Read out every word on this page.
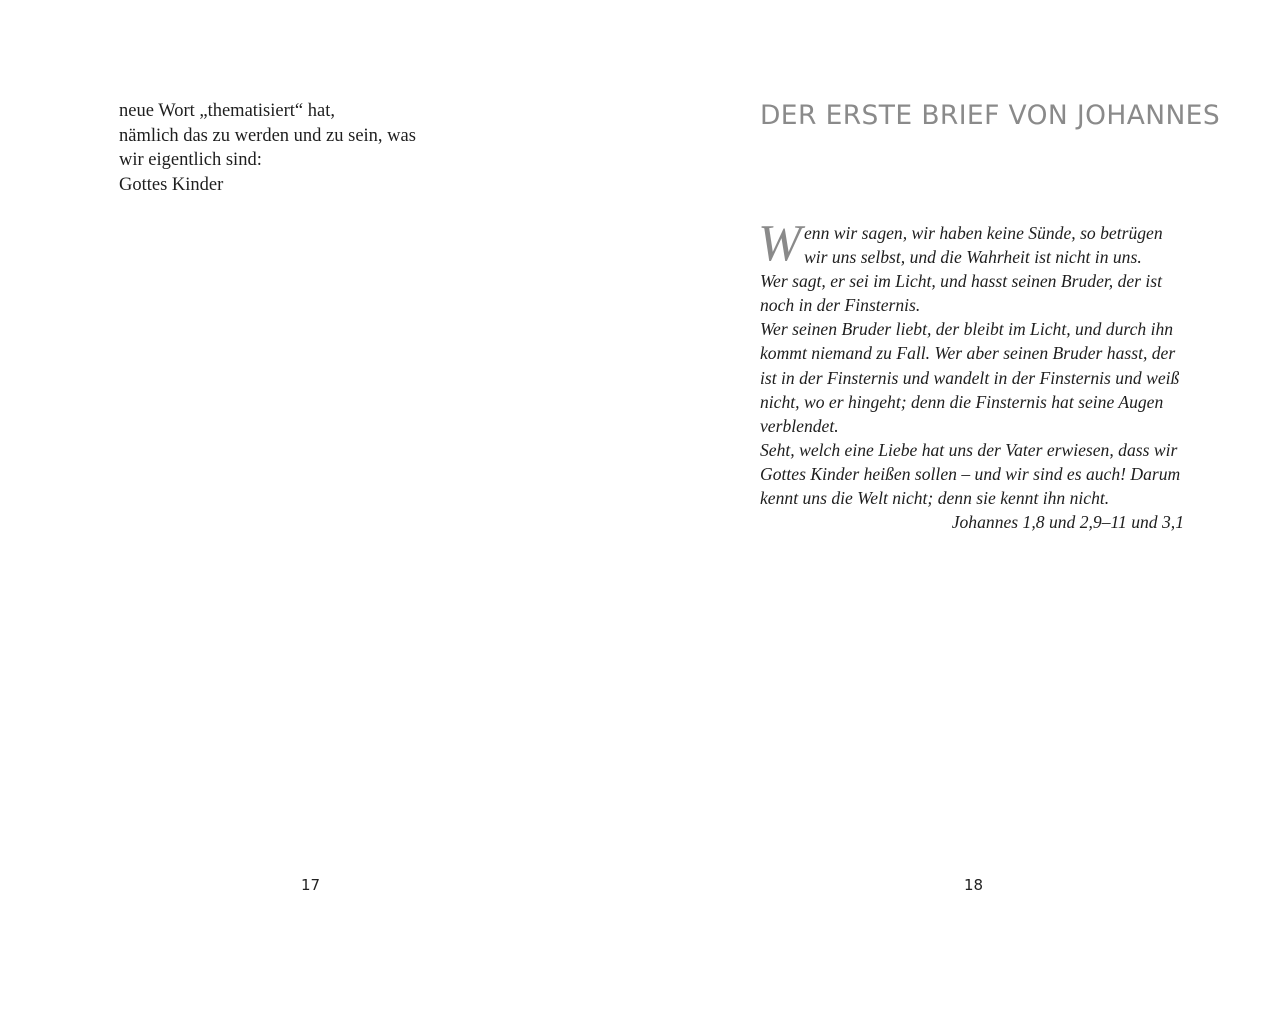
neue Wort „thematisiert“ hat,
nämlich das zu werden und zu sein, was
wir eigentlich sind:
Gottes Kinder
17
DER ERSTE BRIEF VON JOHANNES
W enn wir sagen, wir haben keine Sünde, so betrügen
wir uns selbst, und die Wahrheit ist nicht in uns.
Wer sagt, er sei im Licht, und hasst seinen Bruder, der ist
noch in der Finsternis.
Wer seinen Bruder liebt, der bleibt im Licht, und durch ihn
kommt niemand zu Fall. Wer aber seinen Bruder hasst, der
ist in der Finsternis und wandelt in der Finsternis und weiß
nicht, wo er hingeht; denn die Finsternis hat seine Augen
verblendet.
Seht, welch eine Liebe hat uns der Vater erwiesen, dass wir
Gottes Kinder heißen sollen – und wir sind es auch! Darum
kennt uns die Welt nicht; denn sie kennt ihn nicht.
Johannes 1,8 und 2,9–11 und 3,1
18
